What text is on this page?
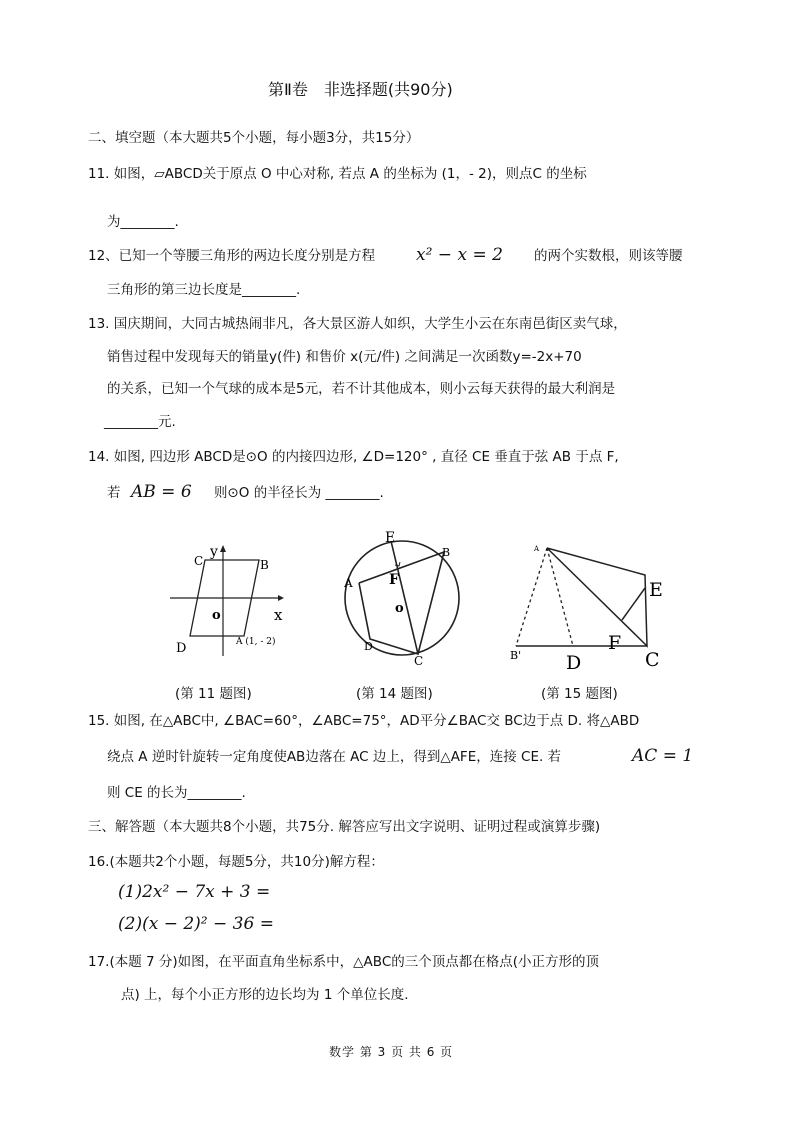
第Ⅱ卷　非选择题(共90分)
二、填空题（本大题共5个小题，每小题3分，共15分）
11. 如图，▱ABCD关于原点 O 中心对称, 若点 A 的坐标为 (1，- 2)，则点C 的坐标
为________.
12、已知一个等腰三角形的两边长度分别是方程 x² − x = 2 的两个实数根，则该等腰
三角形的第三边长度是________.
13. 国庆期间，大同古城热闹非凡，各大景区游人如织，大学生小云在东南邑街区卖气球，
销售过程中发现每天的销量y(件) 和售价 x(元/件) 之间满足一次函数y=-2x+70
的关系，已知一个气球的成本是5元，若不计其他成本，则小云每天获得的最大利润是
________元.
14. 如图, 四边形 ABCD是⊙O 的内接四边形, ∠D=120° , 直径 CE 垂直于弦 AB 于点 F,
若 AB = 6 则⊙O 的半径长为 ________.
y
x
C	B
o
D	A (1, - 2)
E
B
A	F
o
D
C
A
E
F
B' D	C
(第 11 题图)	(第 14 题图)	(第 15 题图)
15. 如图, 在△ABC中, ∠BAC=60°，∠ABC=75°，AD平分∠BAC交 BC边于点 D. 将△ABD
绕点 A 逆时针旋转一定角度使AB边落在 AC 边上，得到△AFE，连接 CE. 若	AC = 1
则 CE 的长为________.
三、解答题（本大题共8个小题，共75分. 解答应写出文字说明、证明过程或演算步骤)
16.(本题共2个小题，每题5分，共10分)解方程：
(1)2x² − 7x + 3 =
(2)(x − 2)² − 36 =
17.(本题 7 分)如图，在平面直角坐标系中，△ABC的三个顶点都在格点(小正方形的顶
点) 上，每个小正方形的边长均为 1 个单位长度.
数学 第 3 页 共 6 页
